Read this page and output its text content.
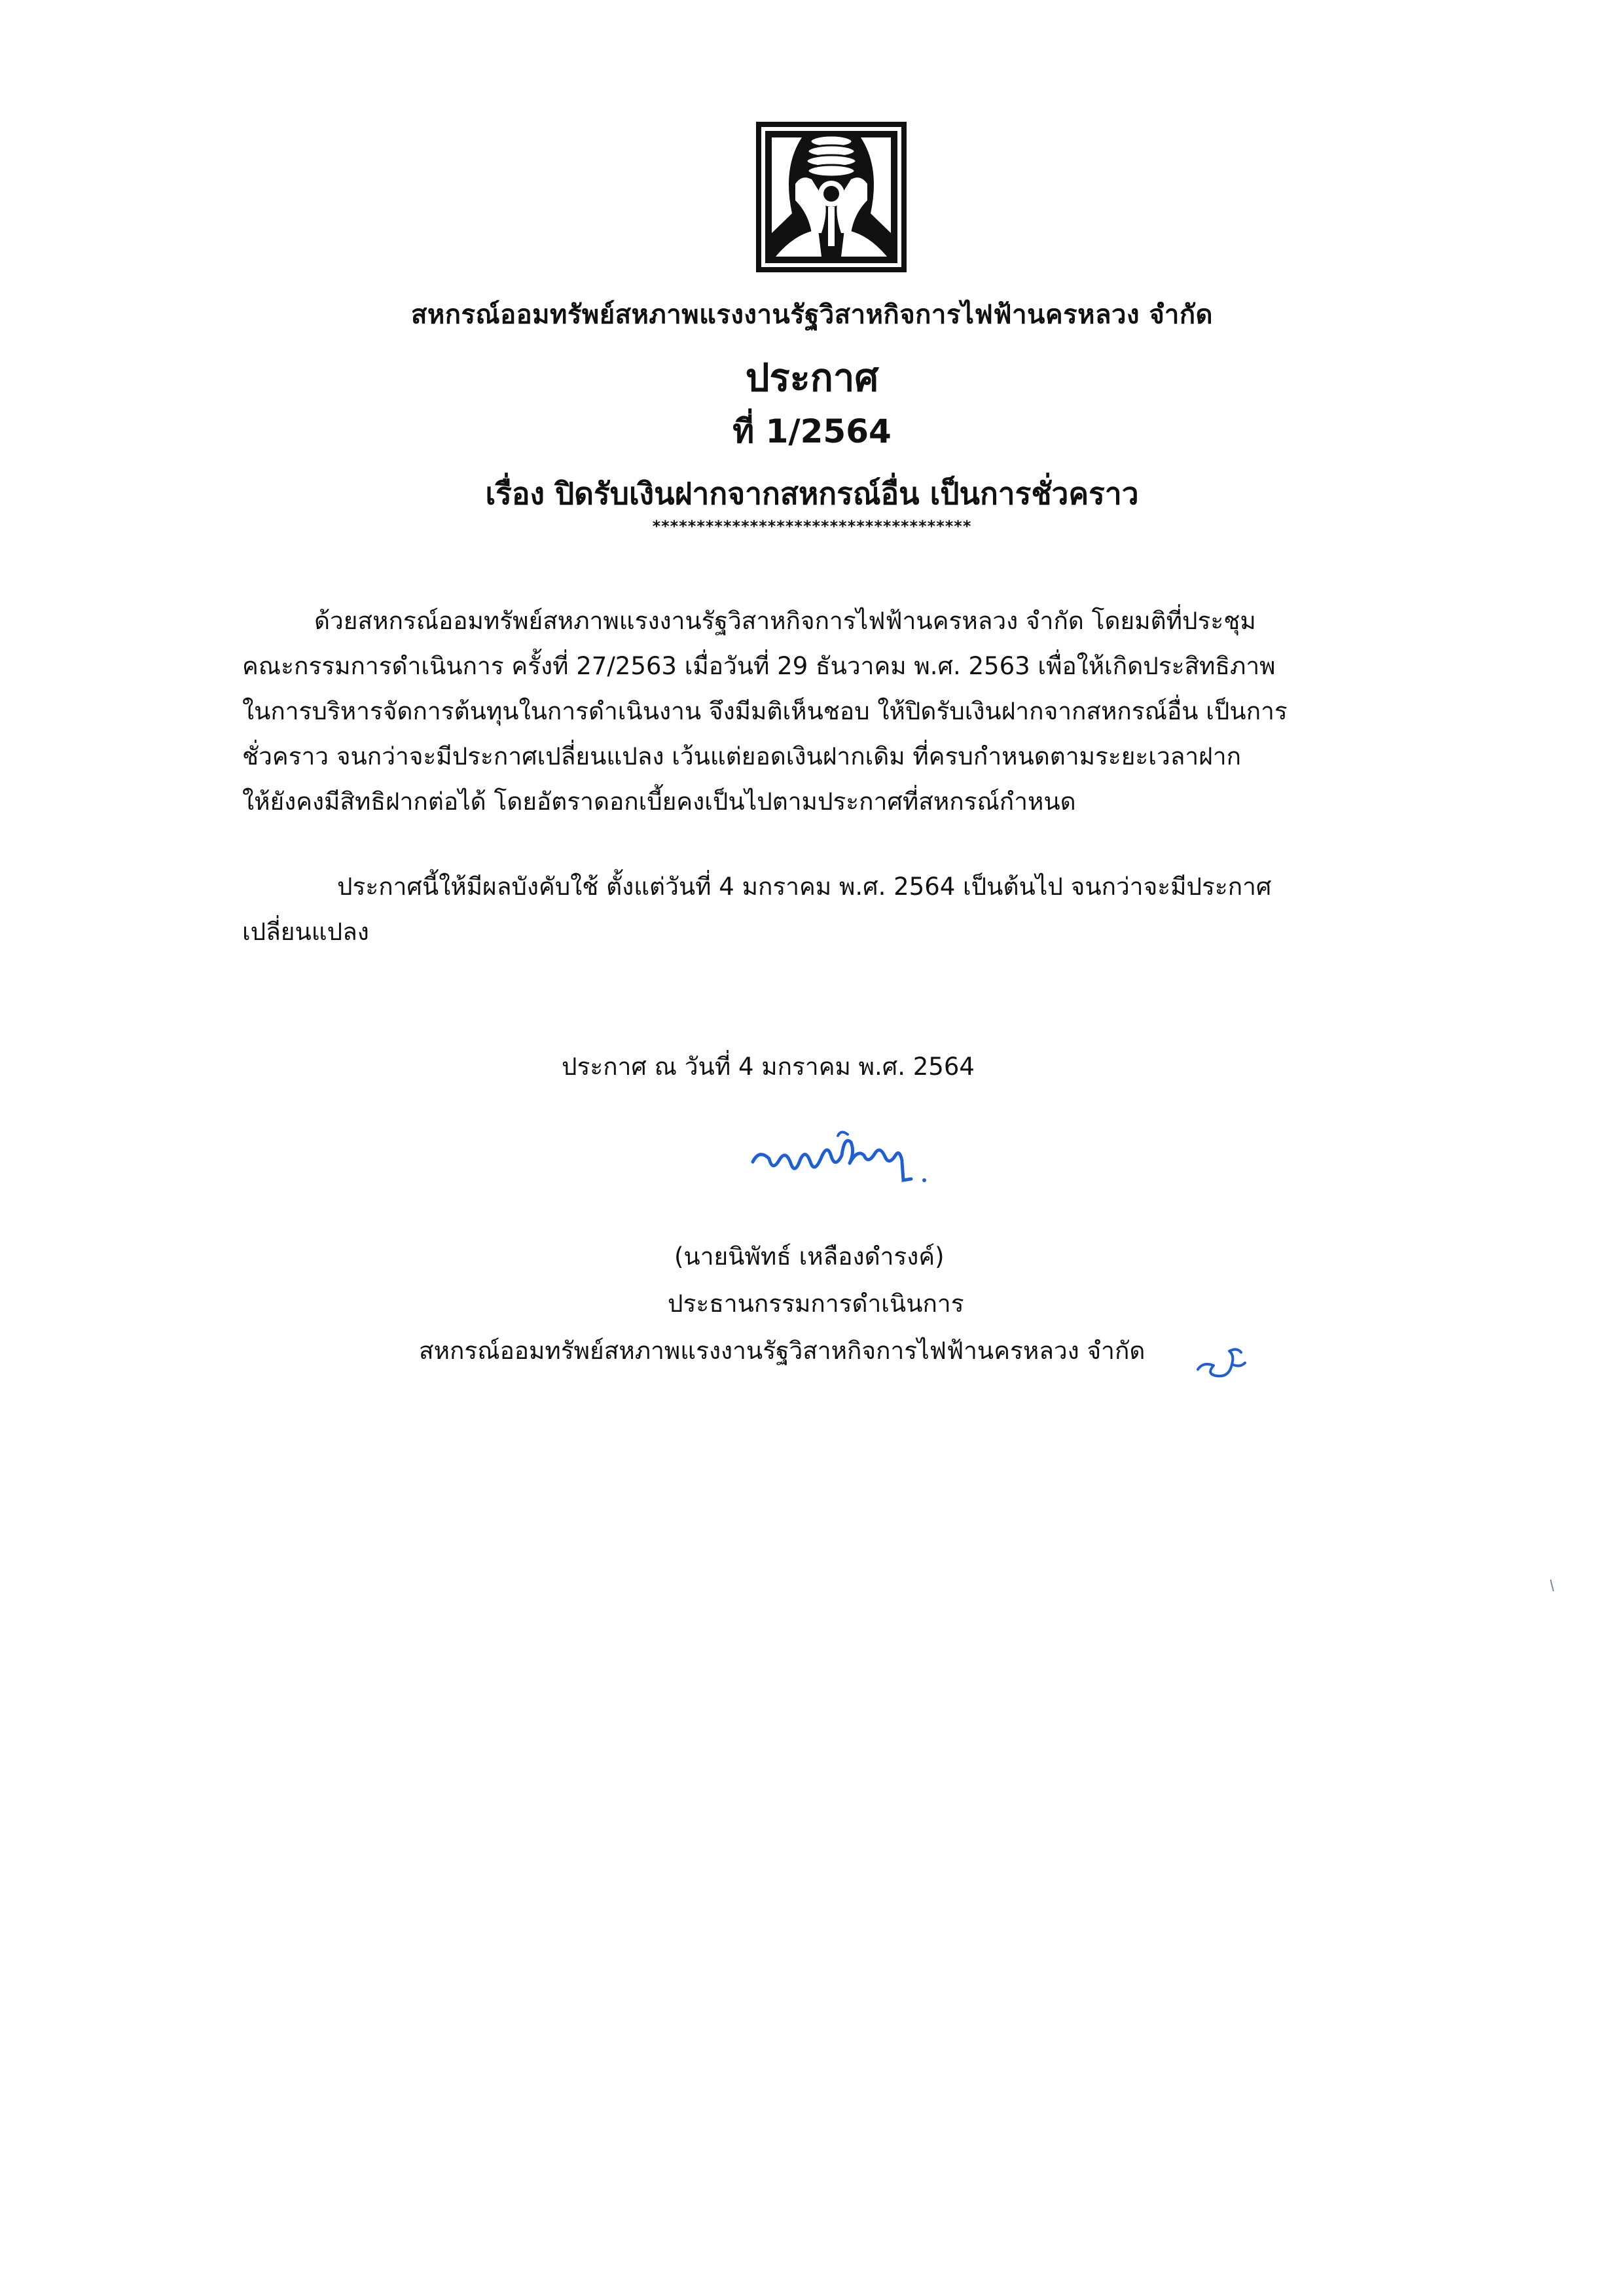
สหกรณ์ออมทรัพย์สหภาพแรงงานรัฐวิสาหกิจการไฟฟ้านครหลวง จำกัด
ประกาศ
ที่ 1/2564
เรื่อง ปิดรับเงินฝากจากสหกรณ์อื่น เป็นการชั่วคราว
************************************
ด้วยสหกรณ์ออมทรัพย์สหภาพแรงงานรัฐวิสาหกิจการไฟฟ้านครหลวง จำกัด โดยมติที่ประชุม
คณะกรรมการดำเนินการ ครั้งที่ 27/2563 เมื่อวันที่ 29 ธันวาคม พ.ศ. 2563 เพื่อให้เกิดประสิทธิภาพ
ในการบริหารจัดการต้นทุนในการดำเนินงาน จึงมีมติเห็นชอบ ให้ปิดรับเงินฝากจากสหกรณ์อื่น เป็นการ
ชั่วคราว จนกว่าจะมีประกาศเปลี่ยนแปลง เว้นแต่ยอดเงินฝากเดิม ที่ครบกำหนดตามระยะเวลาฝาก
ให้ยังคงมีสิทธิฝากต่อได้ โดยอัตราดอกเบี้ยคงเป็นไปตามประกาศที่สหกรณ์กำหนด
ประกาศนี้ให้มีผลบังคับใช้ ตั้งแต่วันที่ 4 มกราคม พ.ศ. 2564 เป็นต้นไป จนกว่าจะมีประกาศ
เปลี่ยนแปลง
ประกาศ ณ วันที่ 4 มกราคม พ.ศ. 2564
(นายนิพัทธ์ เหลืองดำรงค์)
ประธานกรรมการดำเนินการ
สหกรณ์ออมทรัพย์สหภาพแรงงานรัฐวิสาหกิจการไฟฟ้านครหลวง จำกัด
